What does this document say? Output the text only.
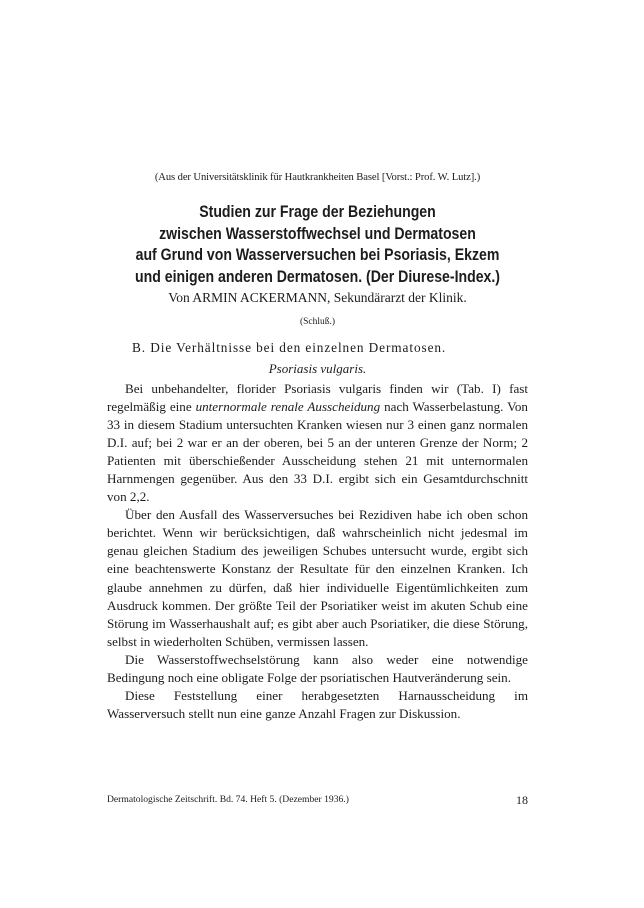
(Aus der Universitätsklinik für Hautkrankheiten Basel [Vorst.: Prof. W. Lutz].)
Studien zur Frage der Beziehungen
zwischen Wasserstoffwechsel und Dermatosen
auf Grund von Wasserversuchen bei Psoriasis, Ekzem
und einigen anderen Dermatosen. (Der Diurese-Index.)
Von ARMIN ACKERMANN, Sekundärarzt der Klinik.
(Schluß.)
B. Die Verhältnisse bei den einzelnen Dermatosen.
Psoriasis vulgaris.

Bei unbehandelter, florider Psoriasis vulgaris finden wir (Tab. I) fast regelmäßig eine unternormale renale Ausscheidung nach Wasserbelastung. Von 33 in diesem Stadium untersuchten Kranken wiesen nur 3 einen ganz normalen D.I. auf; bei 2 war er an der oberen, bei 5 an der unteren Grenze der Norm; 2 Patienten mit überschießender Ausscheidung stehen 21 mit unternormalen Harnmengen gegenüber. Aus den 33 D.I. ergibt sich ein Gesamtdurchschnitt von 2,2.

Über den Ausfall des Wasserversuches bei Rezidiven habe ich oben schon berichtet. Wenn wir berücksichtigen, daß wahrscheinlich nicht jedesmal im genau gleichen Stadium des jeweiligen Schubes untersucht wurde, ergibt sich eine beachtenswerte Konstanz der Resultate für den einzelnen Kranken. Ich glaube annehmen zu dürfen, daß hier individuelle Eigentümlichkeiten zum Ausdruck kommen. Der größte Teil der Psoriatiker weist im akuten Schub eine Störung im Wasserhaushalt auf; es gibt aber auch Psoriatiker, die diese Störung, selbst in wiederholten Schüben, vermissen lassen.

Die Wasserstoffwechselstörung kann also weder eine notwendige Bedingung noch eine obligate Folge der psoriatischen Hautveränderung sein.

Diese Feststellung einer herabgesetzten Harnausscheidung im Wasserversuch stellt nun eine ganze Anzahl Fragen zur Diskussion.

Dermatologische Zeitschrift. Bd. 74. Heft 5. (Dezember 1936.)	18
